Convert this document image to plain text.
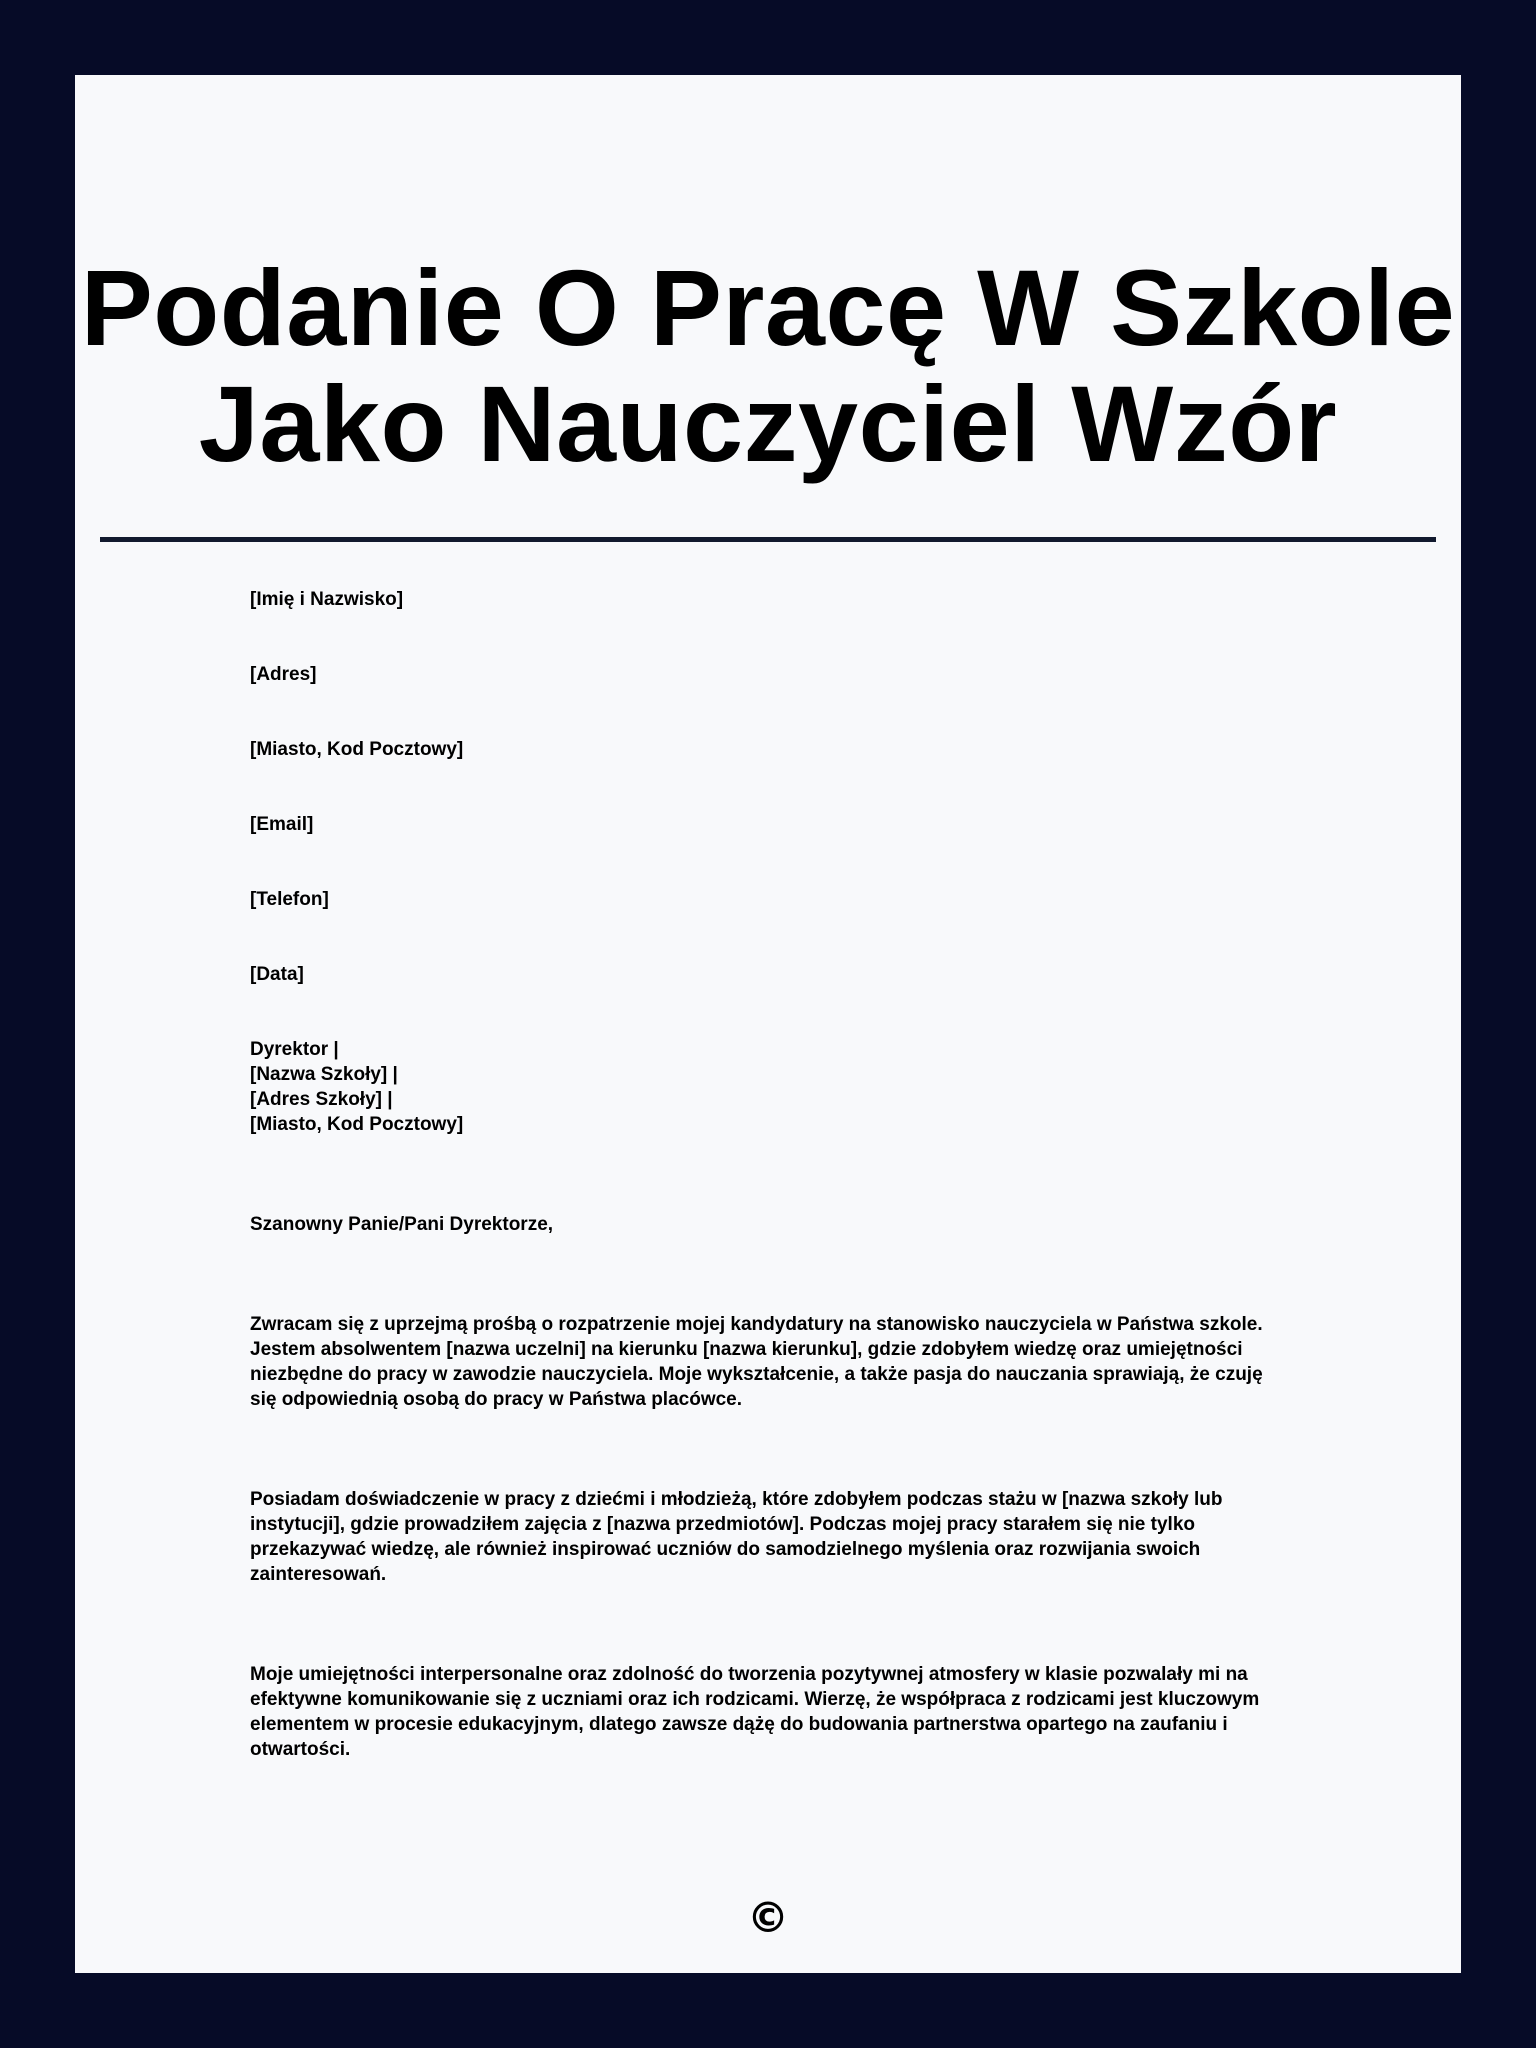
Podanie O Pracę W Szkole
Jako Nauczyciel Wzór
[Imię i Nazwisko]
[Adres]
[Miasto, Kod Pocztowy]
[Email]
[Telefon]
[Data]
Dyrektor |
[Nazwa Szkoły] |
[Adres Szkoły] |
[Miasto, Kod Pocztowy]
Szanowny Panie/Pani Dyrektorze,

Zwracam się z uprzejmą prośbą o rozpatrzenie mojej kandydatury na stanowisko nauczyciela w Państwa szkole. Jestem absolwentem [nazwa uczelni] na kierunku [nazwa kierunku], gdzie zdobyłem wiedzę oraz umiejętności niezbędne do pracy w zawodzie nauczyciela. Moje wykształcenie, a także pasja do nauczania sprawiają, że czuję się odpowiednią osobą do pracy w Państwa placówce.

Posiadam doświadczenie w pracy z dziećmi i młodzieżą, które zdobyłem podczas stażu w [nazwa szkoły lub instytucji], gdzie prowadziłem zajęcia z [nazwa przedmiotów]. Podczas mojej pracy starałem się nie tylko przekazywać wiedzę, ale również inspirować uczniów do samodzielnego myślenia oraz rozwijania swoich zainteresowań.

Moje umiejętności interpersonalne oraz zdolność do tworzenia pozytywnej atmosfery w klasie pozwalały mi na efektywne komunikowanie się z uczniami oraz ich rodzicami. Wierzę, że współpraca z rodzicami jest kluczowym elementem w procesie edukacyjnym, dlatego zawsze dążę do budowania partnerstwa opartego na zaufaniu i otwartości.

©
